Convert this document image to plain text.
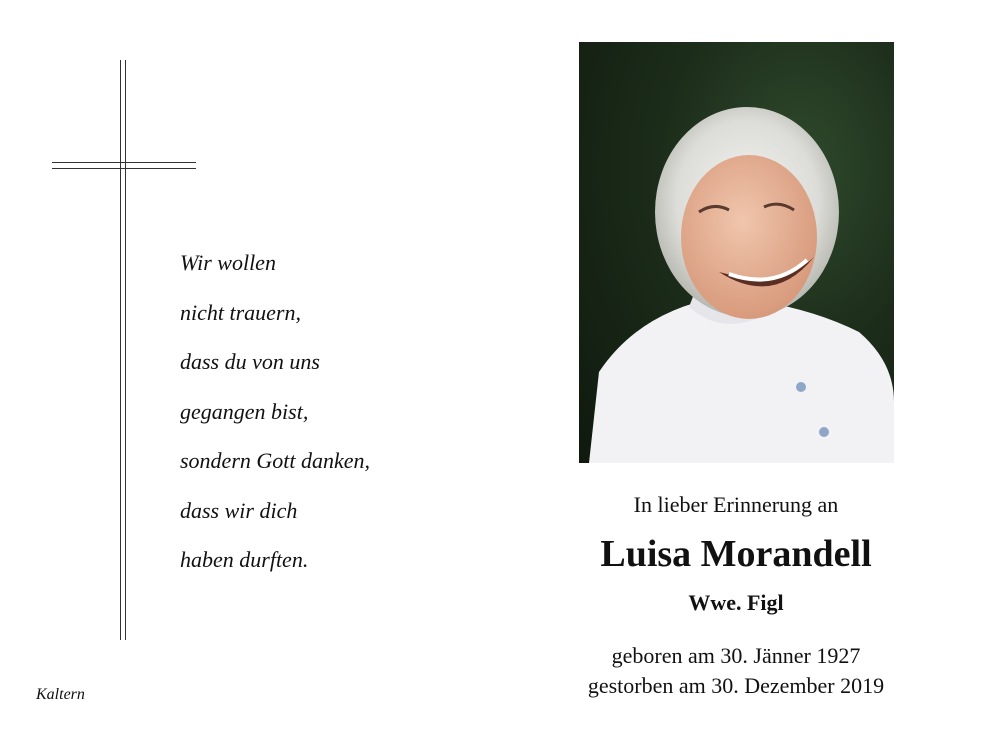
Wir wollen
nicht trauern,
dass du von uns
gegangen bist,
sondern Gott danken,
dass wir dich
haben durften.
Kaltern
In lieber Erinnerung an
Luisa Morandell
Wwe. Figl
geboren am 30. Jänner 1927
gestorben am 30. Dezember 2019
